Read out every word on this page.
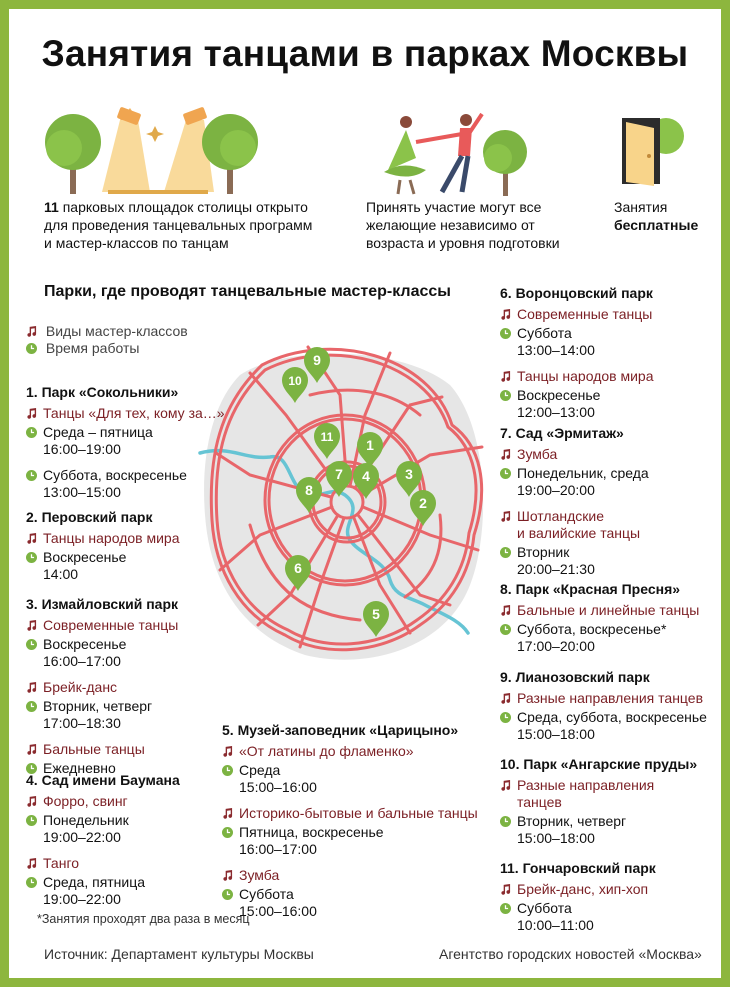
Занятия танцами в парках Москвы
11 парковых площадок столицы открыто
для проведения танцевальных программ
и мастер-классов по танцам
Принять участие могут все
желающие независимо от
возраста и уровня подготовки
Занятия
бесплатные
Парки, где проводят танцевальные мастер-классы
Виды мастер-классов
Время работы
9
10
11 1
7 4	3
8
2
6
5
1. Парк «Сокольники»
Танцы «Для тех, кому за…»
Среда – пятница
16:00–19:00
Суббота, воскресенье
13:00–15:00
2. Перовский парк
Танцы народов мира
Воскресенье
14:00
3. Измайловский парк
Современные танцы
Воскресенье
16:00–17:00
Брейк-данс
Вторник, четверг
17:00–18:30
Бальные танцы
Ежедневно
4. Сад имени Баумана
Форро, свинг
Понедельник
19:00–22:00
Танго
Среда, пятница
19:00–22:00
5. Музей-заповедник «Царицыно»
«От латины до фламенко»
Среда
15:00–16:00
Историко-бытовые и бальные танцы
Пятница, воскресенье
16:00–17:00
Зумба
Суббота
15:00–16:00
6. Воронцовский парк
Современные танцы
Суббота
13:00–14:00
Танцы народов мира
Воскресенье
12:00–13:00
7. Сад «Эрмитаж»
Зумба
Понедельник, среда
19:00–20:00
Шотландские
и валийские танцы
Вторник
20:00–21:30
8. Парк «Красная Пресня»
Бальные и линейные танцы
Суббота, воскресенье*
17:00–20:00
9. Лианозовский парк
Разные направления танцев
Среда, суббота, воскресенье
15:00–18:00
10. Парк «Ангарские пруды»
Разные направления
танцев
Вторник, четверг
15:00–18:00
11. Гончаровский парк
Брейк-данс, хип-хоп
Суббота
10:00–11:00
*Занятия проходят два раза в месяц
Источник: Департамент культуры Москвы	Агентство городских новостей «Москва»
